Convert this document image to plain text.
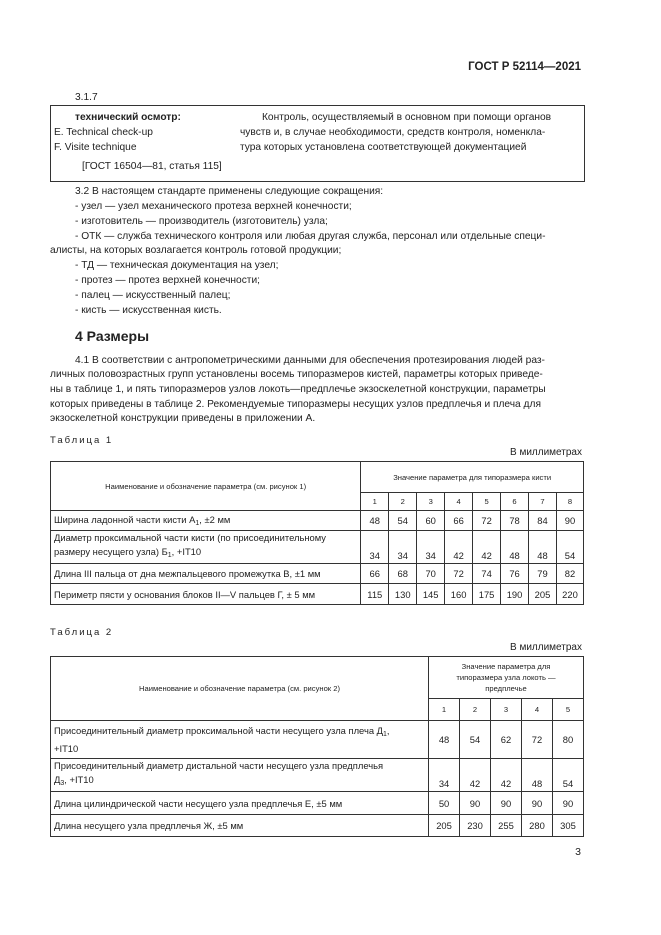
ГОСТ Р 52114—2021
3.1.7
технический осмотр:
E. Technical check-up
F. Visite technique
Контроль, осуществляемый в основном при помощи органов
чувств и, в случае необходимости, средств контроля, номенкла-
тура которых установлена соответствующей документацией
[ГОСТ 16504—81, статья 115]
3.2 В настоящем стандарте применены следующие сокращения:
- узел — узел механического протеза верхней конечности;
- изготовитель — производитель (изготовитель) узла;
- ОТК — служба технического контроля или любая другая служба, персонал или отдельные специ-
алисты, на которых возлагается контроль готовой продукции;
- ТД — техническая документация на узел;
- протез — протез верхней конечности;
- палец — искусственный палец;
- кисть — искусственная кисть.
4 Размеры
4.1 В соответствии с антропометрическими данными для обеспечения протезирования людей раз-
личных половозрастных групп установлены восемь типоразмеров кистей, параметры которых приведе-
ны в таблице 1, и пять типоразмеров узлов локоть—предплечье экзоскелетной конструкции, параметры
которых приведены в таблице 2. Рекомендуемые типоразмеры несущих узлов предплечья и плеча для
экзоскелетной конструкции приведены в приложении А.
Таблица 1
В миллиметрах
Наименование и обозначение параметра (см. рисунок 1)	Значение параметра для типоразмера кисти							
	1	2	3	4	5	6	7	8
Ширина ладонной части кисти $А_1$, ±2 мм	48	54	60	66	72	78	84	90

Диаметр проксимальной части кисти (по присоединительному
размеру несущего узла) $Б_1$, +IT10	34	34	34	42	42	48	48	54
Длина III пальца от дна межпальцевого промежутка В, ±1 мм	66	68	70	72	74	76	79	82
Периметр пясти у основания блоков II—V пальцев Г, ± 5 мм	115	130	145	160	175	190	205	220
Таблица 2
В миллиметрах
Наименование и обозначение параметра (см. рисунок 2)	Значение параметра для
типоразмера узла локоть —
предплечье				

	1	2	3	4	5

Присоединительный диаметр проксимальной части несущего узла плеча $Д_1$,
+IT10	48	54	62	72	80

Присоединительный диаметр дистальной части несущего узла предплечья
$Д_3$, +IT10	34	42	42	48	54
Длина цилиндрической части несущего узла предплечья Е, ±5 мм	50	90	90	90	90
Длина несущего узла предплечья Ж, ±5 мм	205	230	255	280	305
3
